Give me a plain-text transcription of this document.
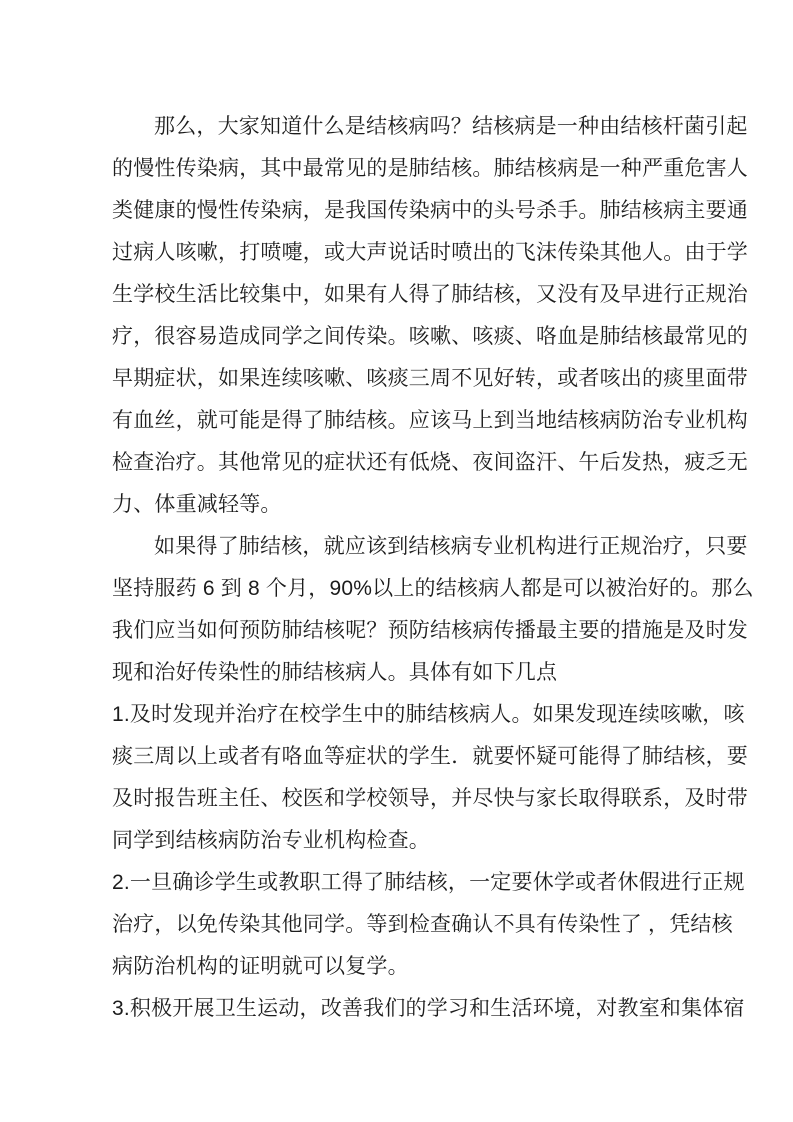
那么，大家知道什么是结核病吗？结核病是一种由结核杆菌引起
的慢性传染病，其中最常见的是肺结核。肺结核病是一种严重危害人
类健康的慢性传染病，是我国传染病中的头号杀手。肺结核病主要通
过病人咳嗽，打喷嚏，或大声说话时喷出的飞沫传染其他人。由于学
生学校生活比较集中，如果有人得了肺结核，又没有及早进行正规治
疗，很容易造成同学之间传染。咳嗽、咳痰、咯血是肺结核最常见的
早期症状，如果连续咳嗽、咳痰三周不见好转，或者咳出的痰里面带
有血丝，就可能是得了肺结核。应该马上到当地结核病防治专业机构
检查治疗。其他常见的症状还有低烧、夜间盗汗、午后发热，疲乏无
力、体重减轻等。

如果得了肺结核，就应该到结核病专业机构进行正规治疗，只要
坚持服药 6 到 8 个月，90%以上的结核病人都是可以被治好的。那么
我们应当如何预防肺结核呢？预防结核病传播最主要的措施是及时发
现和治好传染性的肺结核病人。具体有如下几点

1.及时发现并治疗在校学生中的肺结核病人。如果发现连续咳嗽，咳
痰三周以上或者有咯血等症状的学生．就要怀疑可能得了肺结核，要
及时报告班主任、校医和学校领导，并尽快与家长取得联系，及时带
同学到结核病防治专业机构检查。

2.一旦确诊学生或教职工得了肺结核，一定要休学或者休假进行正规
治疗，以免传染其他同学。等到检查确认不具有传染性了 ，凭结核
病防治机构的证明就可以复学。

3.积极开展卫生运动，改善我们的学习和生活环境，对教室和集体宿
